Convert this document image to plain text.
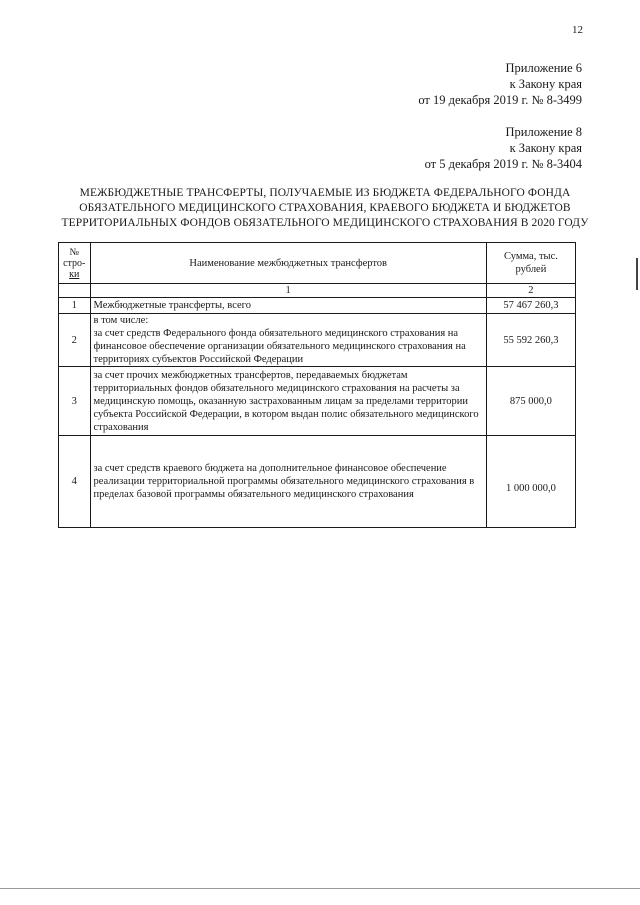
12
Приложение 6
к Закону края
от 19 декабря 2019 г. № 8-3499
Приложение 8
к Закону края
от 5 декабря 2019 г. № 8-3404
МЕЖБЮДЖЕТНЫЕ ТРАНСФЕРТЫ, ПОЛУЧАЕМЫЕ ИЗ БЮДЖЕТА ФЕДЕРАЛЬНОГО ФОНДА
ОБЯЗАТЕЛЬНОГО МЕДИЦИНСКОГО СТРАХОВАНИЯ, КРАЕВОГО БЮДЖЕТА И БЮДЖЕТОВ
ТЕРРИТОРИАЛЬНЫХ ФОНДОВ ОБЯЗАТЕЛЬНОГО МЕДИЦИНСКОГО СТРАХОВАНИЯ В 2020 ГОДУ
№
стро-
ки	Наименование межбюджетных трансфертов	Сумма, тыс.
рублей

	1	2
1	Межбюджетные трансферты, всего	57 467 260,3
2	в том числе:
за счет средств Федерального фонда обязательного медицинского страхования на
финансовое обеспечение организации обязательного медицинского страхования на
территориях субъектов Российской Федерации	55 592 260,3
3	за счет прочих межбюджетных трансфертов, передаваемых бюджетам
территориальных фондов обязательного медицинского страхования на расчеты за
медицинскую помощь, оказанную застрахованным лицам за пределами территории
субъекта Российской Федерации, в котором выдан полис обязательного медицинского
страхования	875 000,0
4	за счет средств краевого бюджета на дополнительное финансовое обеспечение
реализации территориальной программы обязательного медицинского страхования в
пределах базовой программы обязательного медицинского страхования	1 000 000,0
